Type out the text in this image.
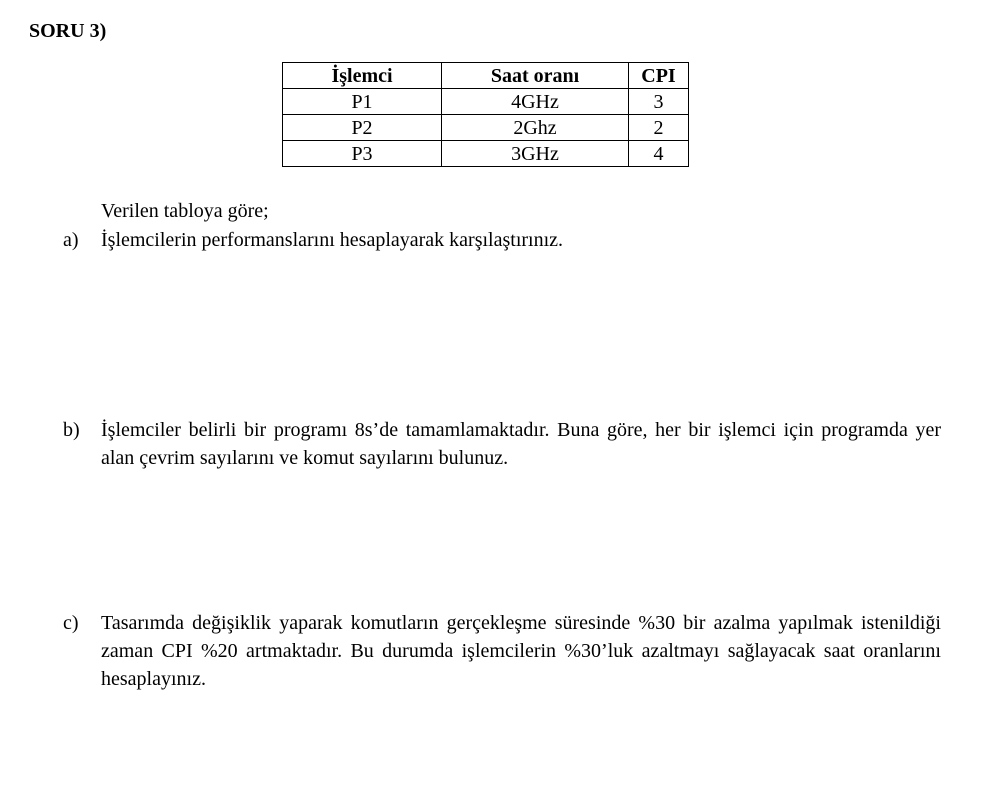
SORU 3)
İşlemci	Saat oranı	CPI
P1	4GHz	3
P2	2Ghz	2
P3	3GHz	4
Verilen tabloya göre;
a)	İşlemcilerin performanslarını hesaplayarak karşılaştırınız.
b)	İşlemciler belirli bir programı 8s’de tamamlamaktadır. Buna göre, her bir işlemci için programda yer alan çevrim sayılarını ve komut sayılarını bulunuz.
c)	Tasarımda değişiklik yaparak komutların gerçekleşme süresinde %30 bir azalma yapılmak istenildiği zaman CPI %20 artmaktadır. Bu durumda işlemcilerin %30’luk azaltmayı sağlayacak saat oranlarını hesaplayınız.
